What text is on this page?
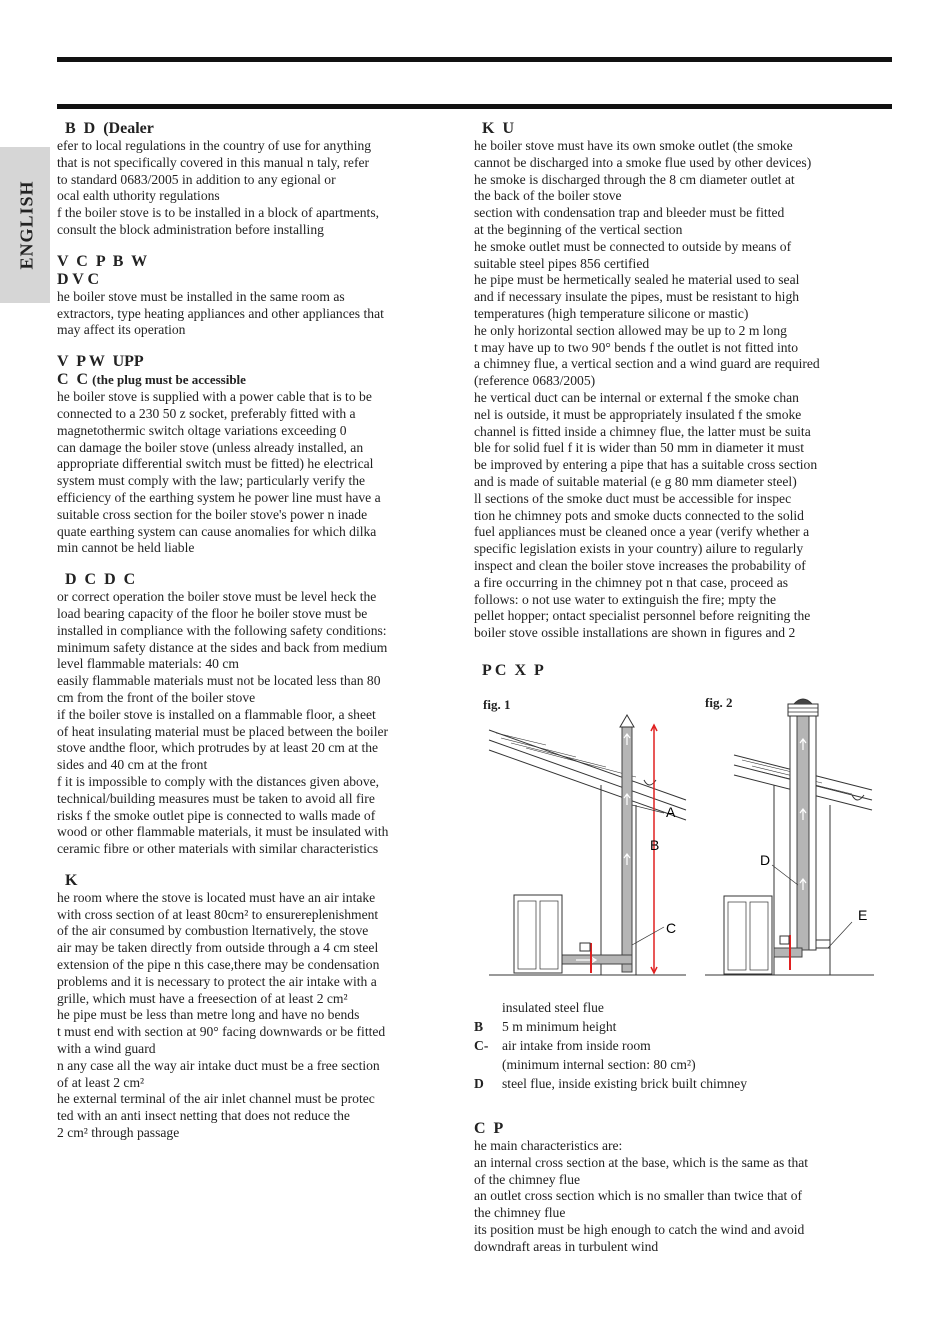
ENGLISH

B  D  (Dealer

efer to local regulations in the country of use for anything

that is not specifically covered in this manual n taly, refer

to standard 0683/2005 in addition to any egional or

ocal ealth uthority regulations

f the boiler stove is to be installed in a block of apartments,

consult the block administration before installing

V  C  P  B  W
D V C

he boiler stove must be installed in the same room as

extractors, type heating appliances and other appliances that

may affect its operation

V  P W  UPP
C  C (the plug must be accessible

he boiler stove is supplied with a power cable that is to be

connected to a 230 50 z socket, preferably fitted with a

magnetothermic switch oltage variations exceeding 0

can damage the boiler stove (unless already installed, an

appropriate differential switch must be fitted) he electrical

system must comply with the law; particularly verify the

efficiency of the earthing system he power line must have a

suitable cross section for the boiler stove's power n inade

quate earthing system can cause anomalies for which dilka

min cannot be held liable

D  C  D  C

or correct operation the boiler stove must be level heck the

load bearing capacity of the floor he boiler stove must be

installed in compliance with the following safety conditions:

minimum safety distance at the sides and back from medium

level flammable materials: 40 cm

easily flammable materials must not be located less than 80

cm from the front of the boiler stove

if the boiler stove is installed on a flammable floor, a sheet

of heat insulating material must be placed between the boiler

stove andthe floor, which protrudes by at least 20 cm at the

sides and 40 cm at the front

f it is impossible to comply with the distances given above,

technical/building measures must be taken to avoid all fire

risks f the smoke outlet pipe is connected to walls made of

wood or other flammable materials, it must be insulated with

ceramic fibre or other materials with similar characteristics

K

he room where the stove is located must have an air intake

with cross section of at least 80cm² to ensurereplenishment

of the air consumed by combustion lternatively, the stove

air may be taken directly from outside through a 4 cm steel

extension of the pipe n this case,there may be condensation

problems and it is necessary to protect the air intake with a

grille, which must have a freesection of at least 2 cm²

he pipe must be less than metre long and have no bends

t must end with section at 90° facing downwards or be fitted

with a wind guard

n any case all the way air intake duct must be a free section

of at least 2 cm²

he external terminal of the air inlet channel must be protec

ted with an anti insect netting that does not reduce the

2 cm² through passage

K  U

he boiler stove must have its own smoke outlet (the smoke

cannot be discharged into a smoke flue used by other devices)

he smoke is discharged through the 8 cm diameter outlet at

the back of the boiler stove

section with condensation trap and bleeder must be fitted

at the beginning of the vertical section

he smoke outlet must be connected to outside by means of

suitable steel pipes 856 certified

he pipe must be hermetically sealed he material used to seal

and if necessary insulate the pipes, must be resistant to high

temperatures (high temperature silicone or mastic)

he only horizontal section allowed may be up to 2 m long

t may have up to two 90° bends f the outlet is not fitted into

a chimney flue, a vertical section and a wind guard are required

(reference 0683/2005)

he vertical duct can be internal or external f the smoke chan

nel is outside, it must be appropriately insulated f the smoke

channel is fitted inside a chimney flue, the latter must be suita

ble for solid fuel f it is wider than 50 mm in diameter it must

be improved by entering a pipe that has a suitable cross section

and is made of suitable material (e g 80 mm diameter steel)

ll sections of the smoke duct must be accessible for inspec

tion he chimney pots and smoke ducts connected to the solid

fuel appliances must be cleaned once a year (verify whether a

specific legislation exists in your country) ailure to regularly

inspect and clean the boiler stove increases the probability of

a fire occurring in the chimney pot n that case, proceed as

follows: o not use water to extinguish the fire; mpty the

pellet hopper; ontact specialist personnel before reigniting the

boiler stove ossible installations are shown in figures and 2

P C  X  P

fig. 1	fig. 2
A
B
C
D
E
insulated steel flue
B 5 m minimum height
C- air intake from inside room
(minimum internal section: 80 cm²)
D steel flue, inside existing brick built chimney

C  P

he main characteristics are:

an internal cross section at the base, which is the same as that

of the chimney flue

an outlet cross section which is no smaller than twice that of

the chimney flue

its position must be high enough to catch the wind and avoid

downdraft areas in turbulent wind
